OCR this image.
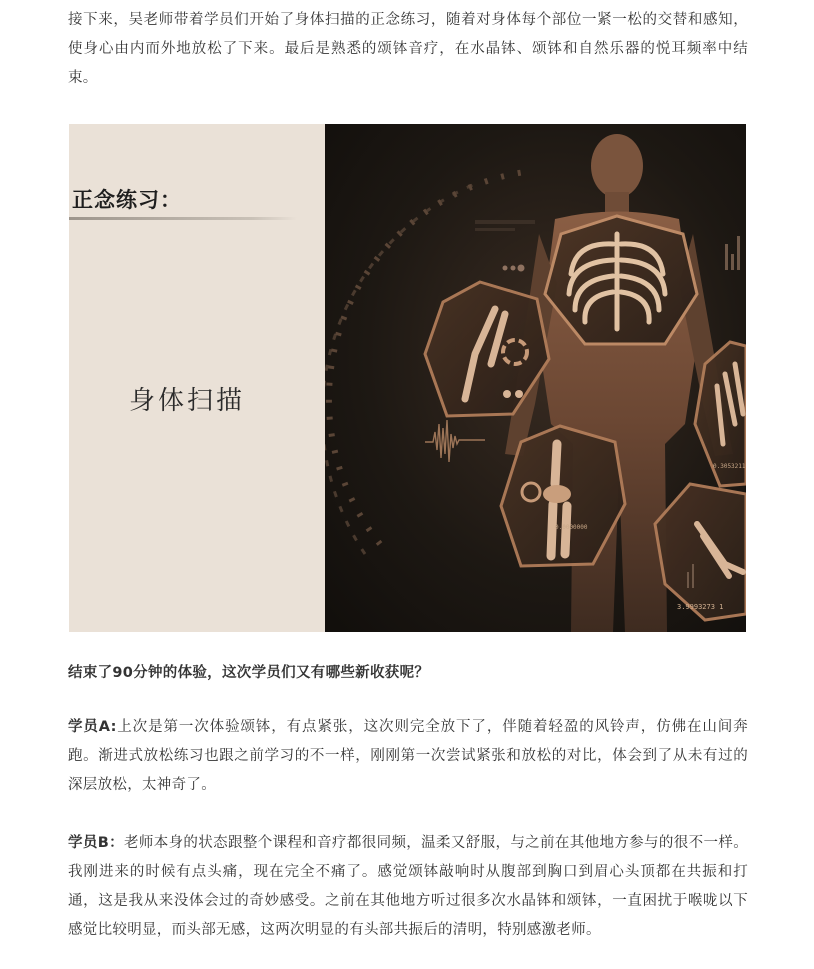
接下来，吴老师带着学员们开始了身体扫描的正念练习，随着对身体每个部位一紧一松的交替和感知，使身心由内而外地放松了下来。最后是熟悉的颂钵音疗，在水晶钵、颂钵和自然乐器的悦耳频率中结束。

正念练习：
身体扫描
0.0000000
0.3053211
3.9993273 1

结束了90分钟的体验，这次学员们又有哪些新收获呢？

学员A:上次是第一次体验颂钵，有点紧张，这次则完全放下了，伴随着轻盈的风铃声，仿佛在山间奔跑。渐进式放松练习也跟之前学习的不一样，刚刚第一次尝试紧张和放松的对比，体会到了从未有过的深层放松，太神奇了。

学员B：老师本身的状态跟整个课程和音疗都很同频，温柔又舒服，与之前在其他地方参与的很不一样。我刚进来的时候有点头痛，现在完全不痛了。感觉颂钵敲响时从腹部到胸口到眉心头顶都在共振和打通，这是我从来没体会过的奇妙感受。之前在其他地方听过很多次水晶钵和颂钵，一直困扰于喉咙以下感觉比较明显，而头部无感，这两次明显的有头部共振后的清明，特别感激老师。
